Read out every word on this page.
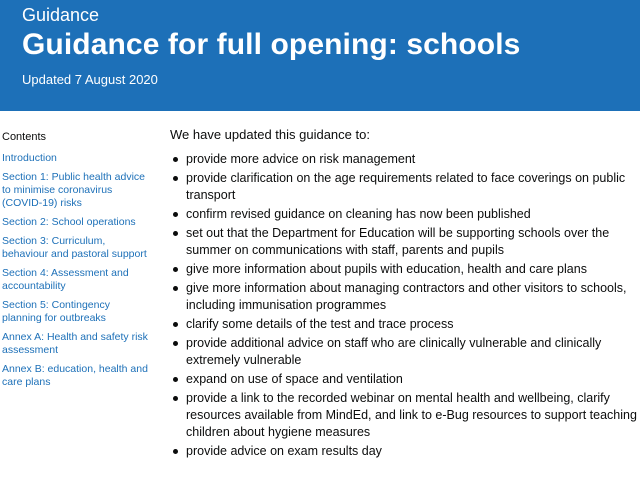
Guidance
Guidance for full opening: schools
Updated 7 August 2020
Contents
Introduction
Section 1: Public health advice to minimise coronavirus (COVID-19) risks
Section 2: School operations
Section 3: Curriculum, behaviour and pastoral support
Section 4: Assessment and accountability
Section 5: Contingency planning for outbreaks
Annex A: Health and safety risk assessment
Annex B: education, health and care plans

We have updated this guidance to:

provide more advice on risk management
provide clarification on the age requirements related to face coverings on public transport
confirm revised guidance on cleaning has now been published
set out that the Department for Education will be supporting schools over the summer on communications with staff, parents and pupils
give more information about pupils with education, health and care plans
give more information about managing contractors and other visitors to schools, including immunisation programmes
clarify some details of the test and trace process
provide additional advice on staff who are clinically vulnerable and clinically extremely vulnerable
expand on use of space and ventilation
provide a link to the recorded webinar on mental health and wellbeing, clarify resources available from MindEd, and link to e-Bug resources to support teaching children about hygiene measures
provide advice on exam results day
